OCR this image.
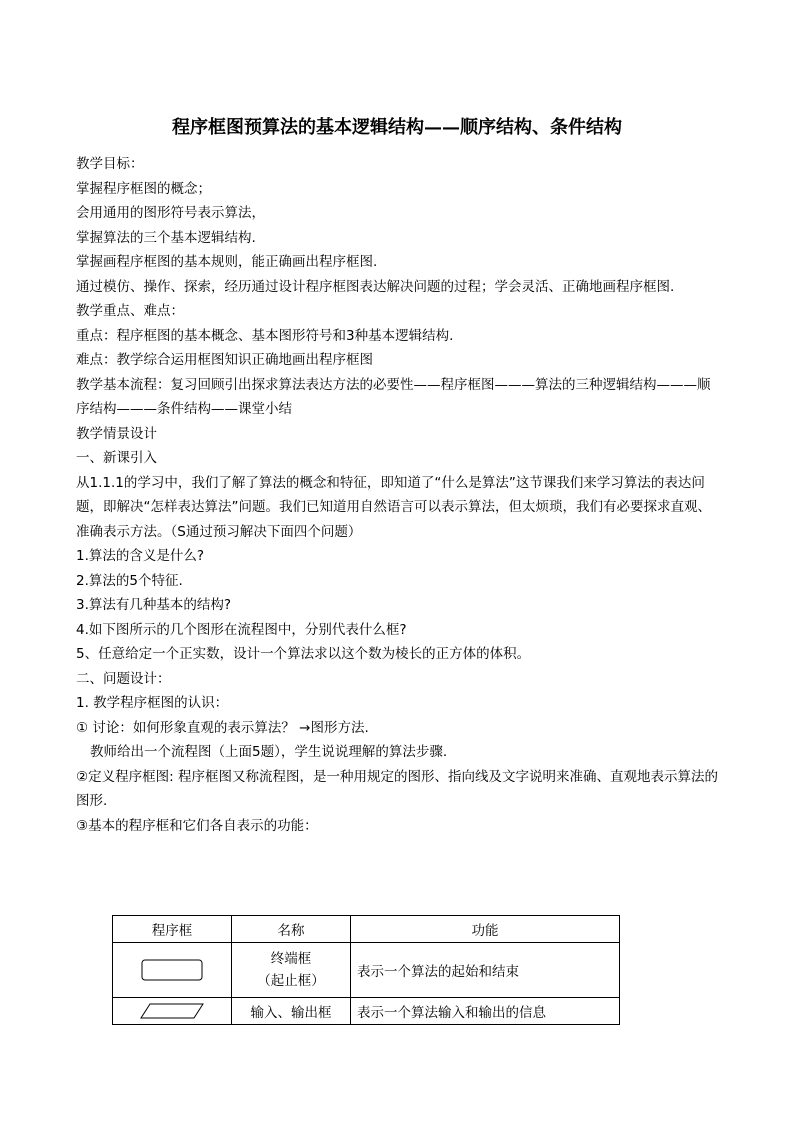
程序框图预算法的基本逻辑结构——顺序结构、条件结构

教学目标：

掌握程序框图的概念；

会用通用的图形符号表示算法，

掌握算法的三个基本逻辑结构.

掌握画程序框图的基本规则，能正确画出程序框图.

通过模仿、操作、探索，经历通过设计程序框图表达解决问题的过程；学会灵活、正确地画程序框图.

教学重点、难点：

重点：程序框图的基本概念、基本图形符号和3种基本逻辑结构.

难点：教学综合运用框图知识正确地画出程序框图

教学基本流程：复习回顾引出探求算法表达方法的必要性——程序框图———算法的三种逻辑结构———顺序结构———条件结构——课堂小结

教学情景设计

一、新课引入

从1.1.1的学习中，我们了解了算法的概念和特征，即知道了“什么是算法”这节课我们来学习算法的表达问题，即解决“怎样表达算法”问题。我们已知道用自然语言可以表示算法，但太烦琐，我们有必要探求直观、准确表示方法。（S通过预习解决下面四个问题）

1.算法的含义是什么?

2.算法的5个特征.

3.算法有几种基本的结构?

4.如下图所示的几个图形在流程图中，分别代表什么框?

5、任意给定一个正实数，设计一个算法求以这个数为棱长的正方体的体积。

二、问题设计：

1. 教学程序框图的认识：

① 讨论：如何形象直观的表示算法？ →图形方法.

教师给出一个流程图（上面5题），学生说说理解的算法步骤.

②定义程序框图: 程序框图又称流程图，是一种用规定的图形、指向线及文字说明来准确、直观地表示算法的图形.

③基本的程序框和它们各自表示的功能：

程序框	名称	功能

终端框
（起止框）	表示一个算法的起始和结束

	输入、输出框	表示一个算法输入和输出的信息
